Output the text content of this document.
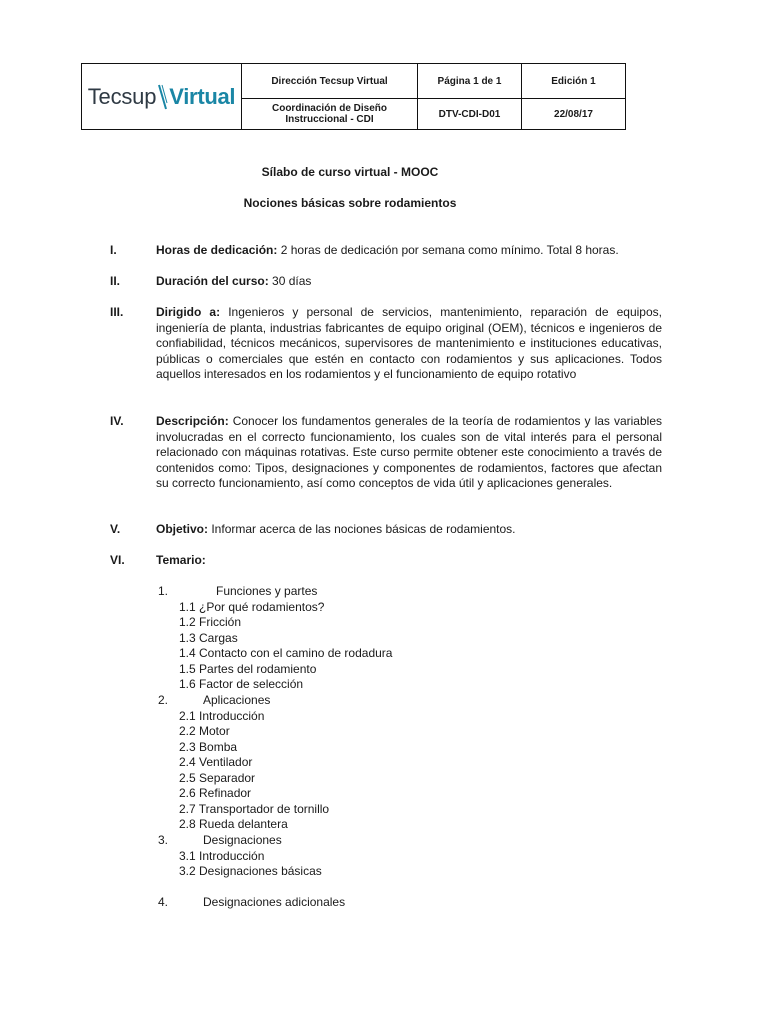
Tecsup Virtual	Dirección Tecsup Virtual	Página 1 de 1	Edición 1

	Coordinación de Diseño
Instruccional - CDI	DTV-CDI-D01	22/08/17
Sílabo de curso virtual - MOOC
Nociones básicas sobre rodamientos
I.	Horas de dedicación: 2 horas de dedicación por semana como mínimo. Total 8 horas.
II.	Duración del curso: 30 días
III.	Dirigido a: Ingenieros y personal de servicios, mantenimiento, reparación de equipos, ingeniería de planta, industrias fabricantes de equipo original (OEM), técnicos e ingenieros de confiabilidad, técnicos mecánicos, supervisores de mantenimiento e instituciones educativas, públicas o comerciales que estén en contacto con rodamientos y sus aplicaciones. Todos aquellos interesados en los rodamientos y el funcionamiento de equipo rotativo
IV.	Descripción: Conocer los fundamentos generales de la teoría de rodamientos y las variables involucradas en el correcto funcionamiento, los cuales son de vital interés para el personal relacionado con máquinas rotativas. Este curso permite obtener este conocimiento a través de contenidos como: Tipos, designaciones y componentes de rodamientos, factores que afectan su correcto funcionamiento, así como conceptos de vida útil y aplicaciones generales.
V.	Objetivo: Informar acerca de las nociones básicas de rodamientos.
VI.	Temario:
1.	Funciones y partes
1.1 ¿Por qué rodamientos?
1.2 Fricción
1.3 Cargas
1.4 Contacto con el camino de rodadura
1.5 Partes del rodamiento
1.6 Factor de selección
2.	Aplicaciones
2.1 Introducción
2.2 Motor
2.3 Bomba
2.4 Ventilador
2.5 Separador
2.6 Refinador
2.7 Transportador de tornillo
2.8 Rueda delantera
3.	Designaciones
3.1 Introducción
3.2 Designaciones básicas
4.	Designaciones adicionales
